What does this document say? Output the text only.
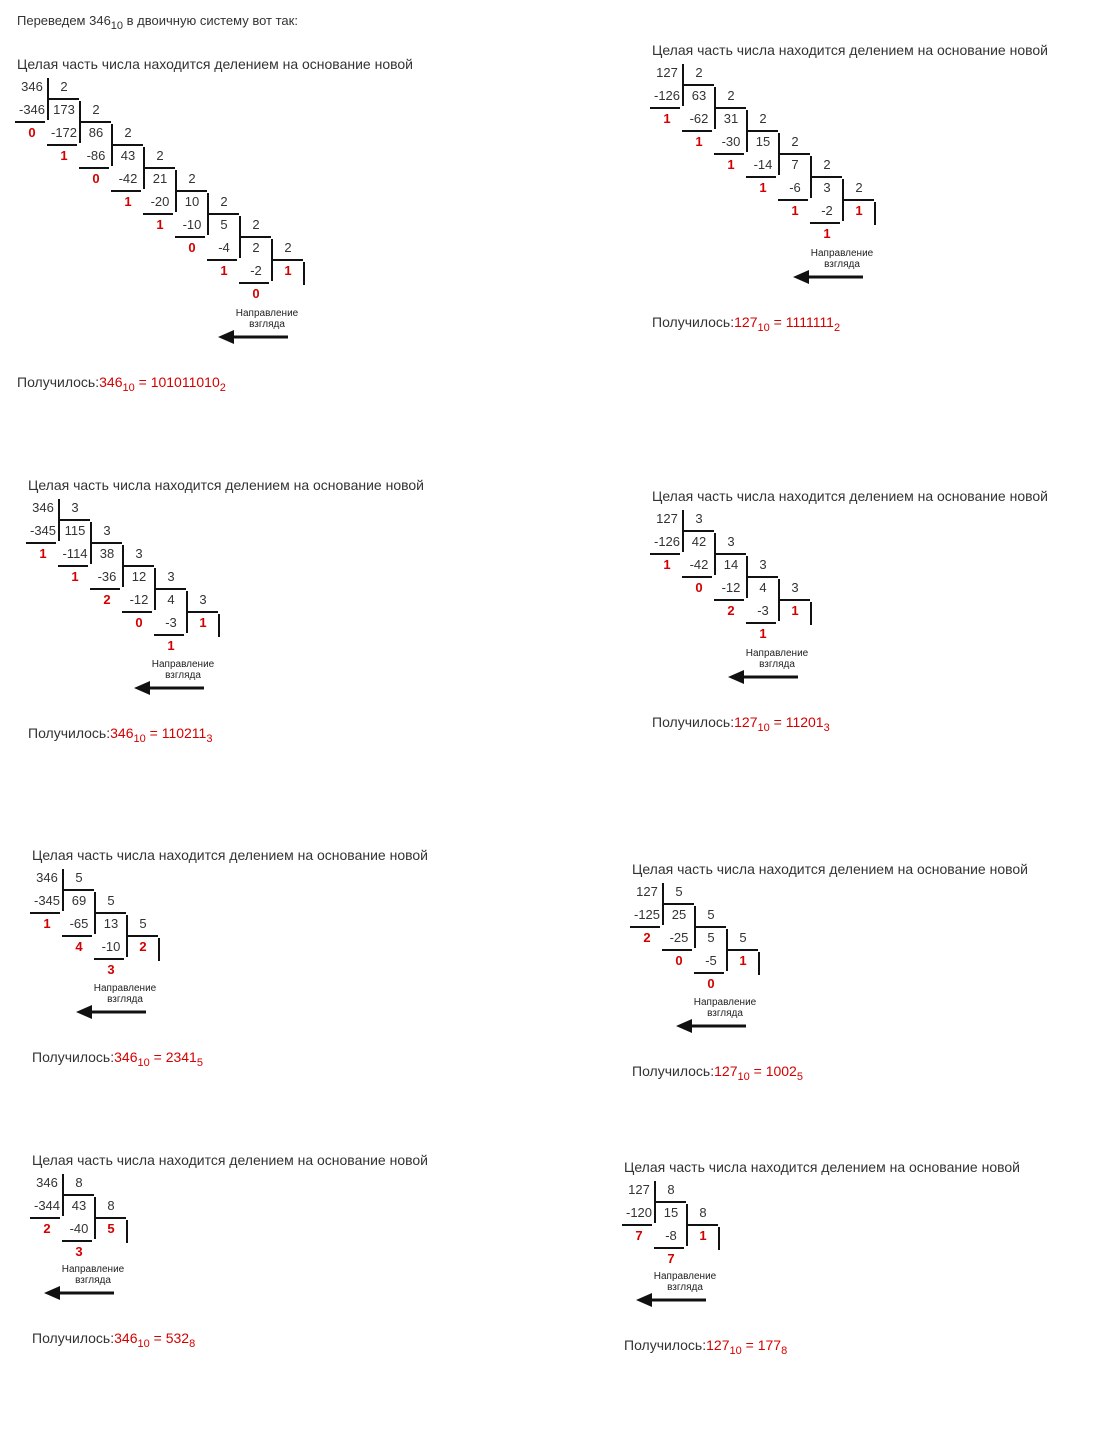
Переведем $346_{10}$ в двоичную систему вот так:
Целая часть числа находится делением на основание новой
346	2
-346 173	2
0	-172 86	2
1	-86	43	2
0	-42	21	2
1	-20	10	2
1	-10	5	2
0	-4	2	2
1	-2	1
0
Направление
взгляда
$Получилось:346_{10} = 101011010_2$
Целая часть числа находится делением на основание новой
127	2
-126 63	2
1	-62	31	2
1	-30	15	2
1	-14	7	2
1	-6	3	2
1	-2	1
1
Направление
взгляда
$Получилось:127_{10} = 1111111_2$
Целая часть числа находится делением на основание новой
346	3
-345 115	3
1	-114 38	3
1	-36	12	3
2	-12	4	3
0	-3	1
1
Направление
взгляда
$Получилось:346_{10} = 110211_3$
Целая часть числа находится делением на основание новой
127	3
-126 42	3
1	-42	14	3
0	-12	4	3
2	-3	1
1
Направление
взгляда
$Получилось:127_{10} = 11201_3$
Целая часть числа находится делением на основание новой
346	5
-345 69	5
1	-65	13	5
4	-10	2
3
Направление
взгляда
$Получилось:346_{10} = 2341_5$
Целая часть числа находится делением на основание новой
127	5
-125 25	5
2	-25	5	5
0	-5	1
0
Направление
взгляда
$Получилось:127_{10} = 1002_5$
Целая часть числа находится делением на основание новой
346	8
-344 43	8
2	-40	5
3
Направление
взгляда
$Получилось:346_{10} = 532_8$
Целая часть числа находится делением на основание новой
127	8
-120 15	8
7	-8	1
7
Направление
взгляда
$Получилось:127_{10} = 177_8$
